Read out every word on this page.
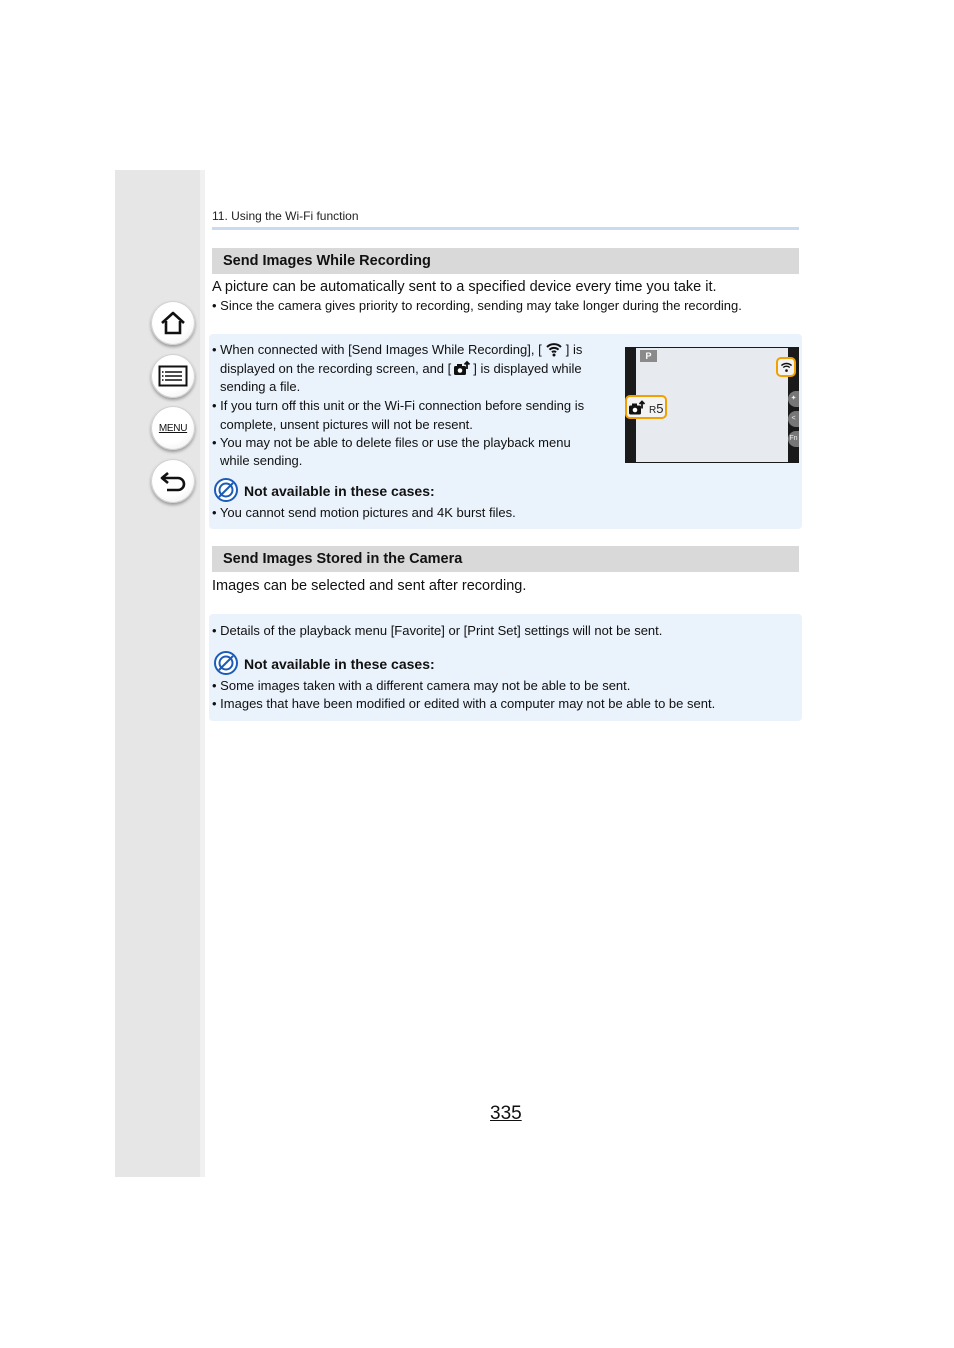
MENU
11. Using the Wi-Fi function
Send Images While Recording
A picture can be automatically sent to a specified device every time you take it.
• Since the camera gives priority to recording, sending may take longer during the recording.
• When connected with [Send Images While Recording], [ ] is
displayed on the recording screen, and [ ] is displayed while
sending a file.
• If you turn off this unit or the Wi-Fi connection before sending is
complete, unsent pictures will not be resent.
• You may not be able to delete files or use the playback menu
while sending.
Not available in these cases:
• You cannot send motion pictures and 4K burst files.
P
R5
✦
<
Fn
Send Images Stored in the Camera
Images can be selected and sent after recording.
• Details of the playback menu [Favorite] or [Print Set] settings will not be sent.
Not available in these cases:
• Some images taken with a different camera may not be able to be sent.
• Images that have been modified or edited with a computer may not be able to be sent.
335
